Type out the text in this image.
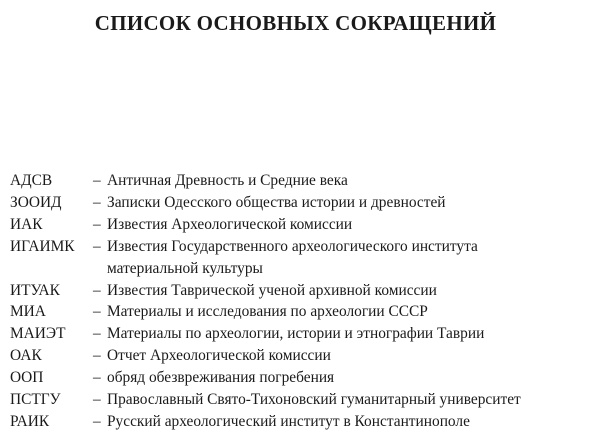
СПИСОК ОСНОВНЫХ СОКРАЩЕНИЙ
АДСВ	– Античная Древность и Средние века
ЗООИД	– Записки Одесского общества истории и древностей
ИАК	– Известия Археологической комиссии
ИГАИМК	– Известия Государственного археологического института
материальной культуры
ИТУАК	– Известия Таврической ученой архивной комиссии
МИА	– Материалы и исследования по археологии СССР
МАИЭТ	– Материалы по археологии, истории и этнографии Таврии
ОАК	– Отчет Археологической комиссии
ООП	– обряд обезвреживания погребения
ПСТГУ	– Православный Свято-Тихоновский гуманитарный университет
РАИК	– Русский археологический институт в Константинополе
